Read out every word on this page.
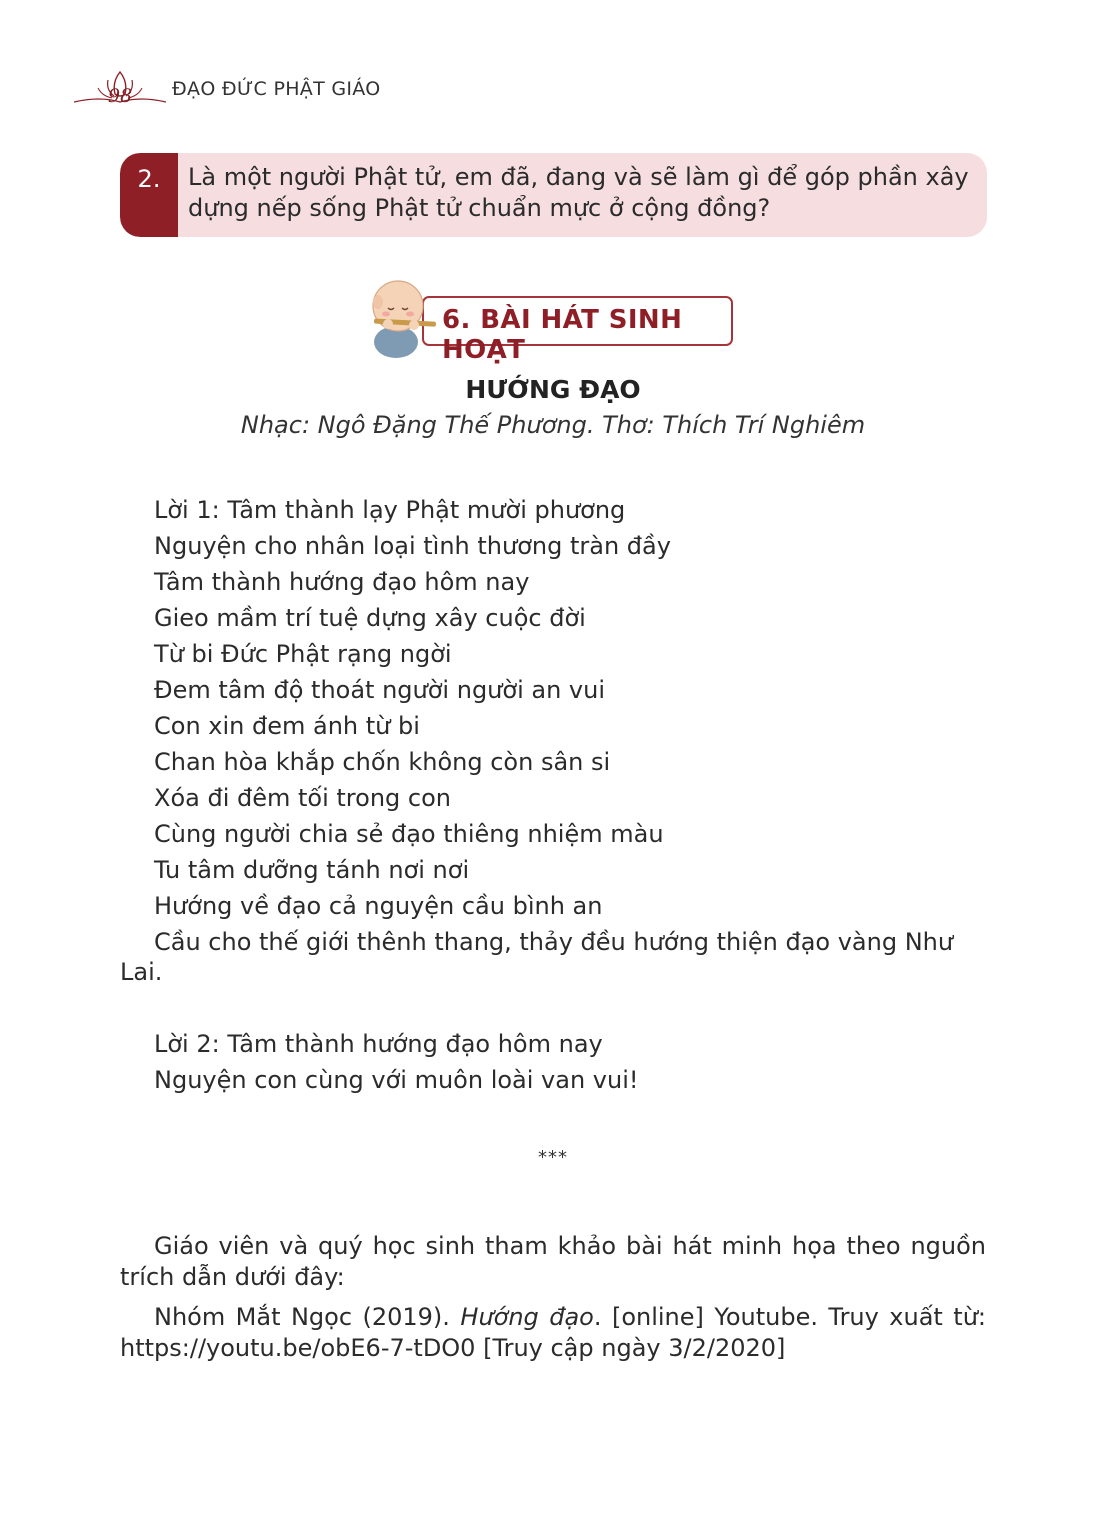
98 ĐẠO ĐỨC PHẬT GIÁO
2.	Là một người Phật tử, em đã, đang và sẽ làm gì để góp phần xây dựng nếp sống Phật tử chuẩn mực ở cộng đồng?
6. BÀI HÁT SINH HOẠT
HƯỚNG ĐẠO
Nhạc: Ngô Đặng Thế Phương. Thơ: Thích Trí Nghiêm
Lời 1: Tâm thành lạy Phật mười phương
Nguyện cho nhân loại tình thương tràn đầy
Tâm thành hướng đạo hôm nay
Gieo mầm trí tuệ dựng xây cuộc đời
Từ bi Đức Phật rạng ngời
Đem tâm độ thoát người người an vui
Con xin đem ánh từ bi
Chan hòa khắp chốn không còn sân si
Xóa đi đêm tối trong con
Cùng người chia sẻ đạo thiêng nhiệm màu
Tu tâm dưỡng tánh nơi nơi
Hướng về đạo cả nguyện cầu bình an
Cầu cho thế giới thênh thang, thảy đều hướng thiện đạo vàng Như Lai.
Lời 2: Tâm thành hướng đạo hôm nay
Nguyện con cùng với muôn loài van vui!
***
Giáo viên và quý học sinh tham khảo bài hát minh họa theo nguồn trích dẫn dưới đây:
Nhóm Mắt Ngọc (2019). Hướng đạo. [online] Youtube. Truy xuất từ: https://youtu.be/obE6-7-tDO0 [Truy cập ngày 3/2/2020]
